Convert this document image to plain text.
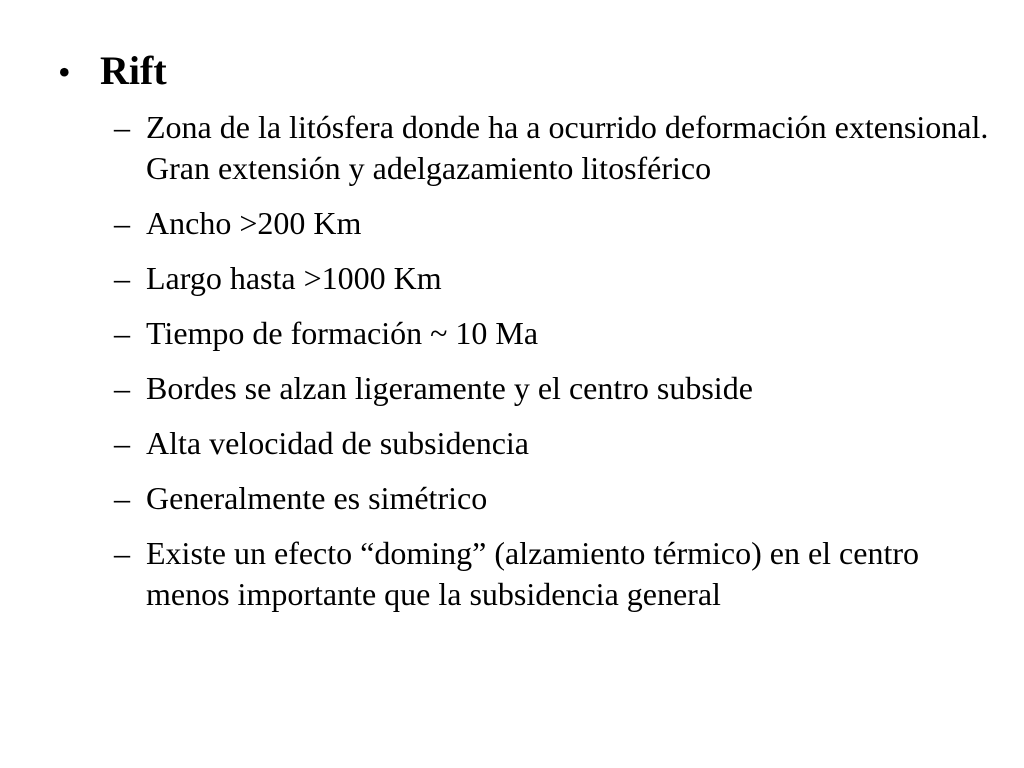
• Rift
– Zona de la litósfera donde ha a ocurrido deformación extensional. Gran extensión y adelgazamiento litosférico
– Ancho >200 Km
– Largo hasta >1000 Km
– Tiempo de formación ~ 10 Ma
– Bordes se alzan ligeramente y el centro subside
– Alta velocidad de subsidencia
– Generalmente es simétrico
– Existe un efecto “doming” (alzamiento térmico) en el centro menos importante que la subsidencia general
